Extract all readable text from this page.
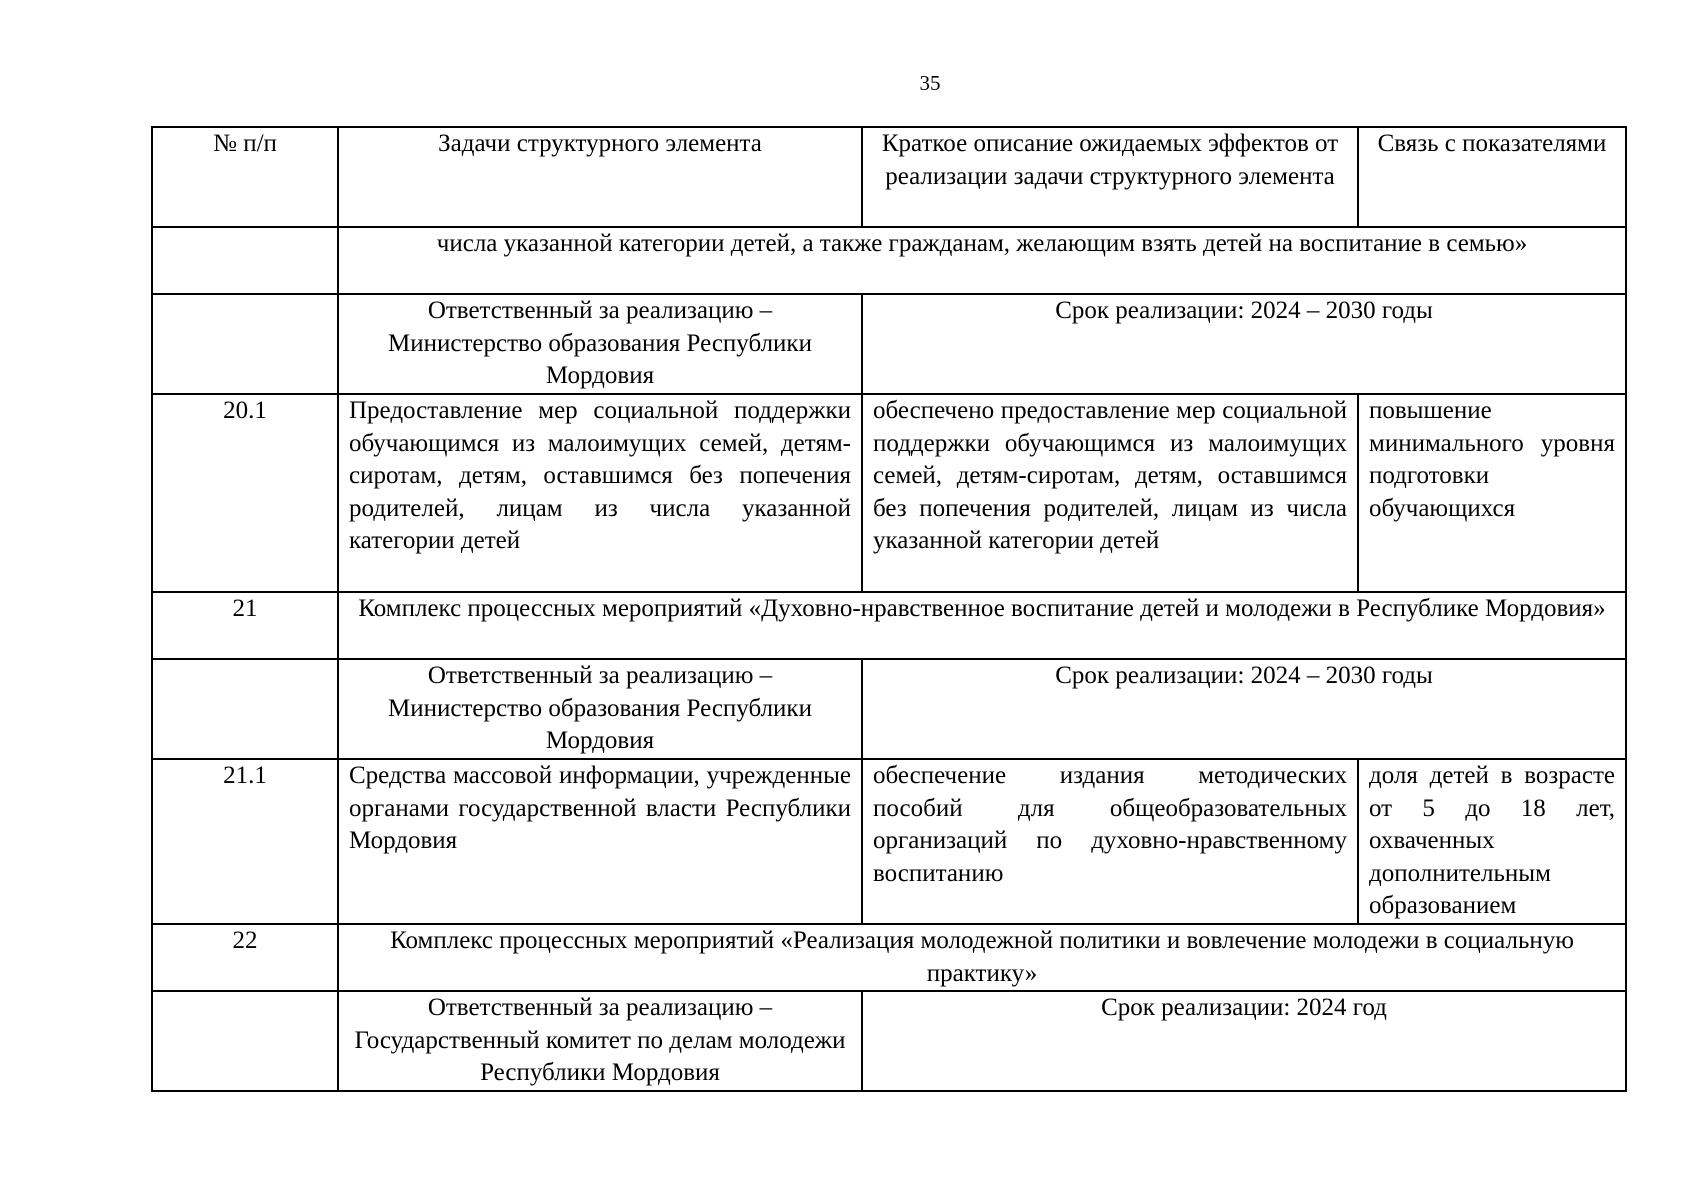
35
№ п/п	Задачи структурного элемента	Краткое описание ожидаемых эффектов от реализации задачи структурного элемента	Связь с показателями
	числа указанной категории детей, а также гражданам, желающим взять детей на воспитание в семью»		
	Ответственный за реализацию – Министерство образования Республики Мордовия	Срок реализации: 2024 – 2030 годы	
20.1	Предоставление мер социальной поддержки обучающимся из малоимущих семей, детям-сиротам, детям, оставшимся без попечения родителей, лицам из числа указанной категории детей	обеспечено предоставление мер социальной поддержки обучающимся из малоимущих семей, детям-сиротам, детям, оставшимся без попечения родителей, лицам из числа указанной категории детей	повышение минимального уровня подготовки обучающихся
21	Комплекс процессных мероприятий «Духовно-нравственное воспитание детей и молодежи в Республике Мордовия»		
	Ответственный за реализацию – Министерство образования Республики Мордовия	Срок реализации: 2024 – 2030 годы	
21.1	Средства массовой информации, учрежденные органами государственной власти Республики Мордовия	обеспечение издания методических пособий для общеобразовательных организаций по духовно-нравственному воспитанию	доля детей в возрасте от 5 до 18 лет, охваченных дополнительным образованием
22	Комплекс процессных мероприятий «Реализация молодежной политики и вовлечение молодежи в социальную практику»		
	Ответственный за реализацию – Государственный комитет по делам молодежи Республики Мордовия	Срок реализации: 2024 год	
